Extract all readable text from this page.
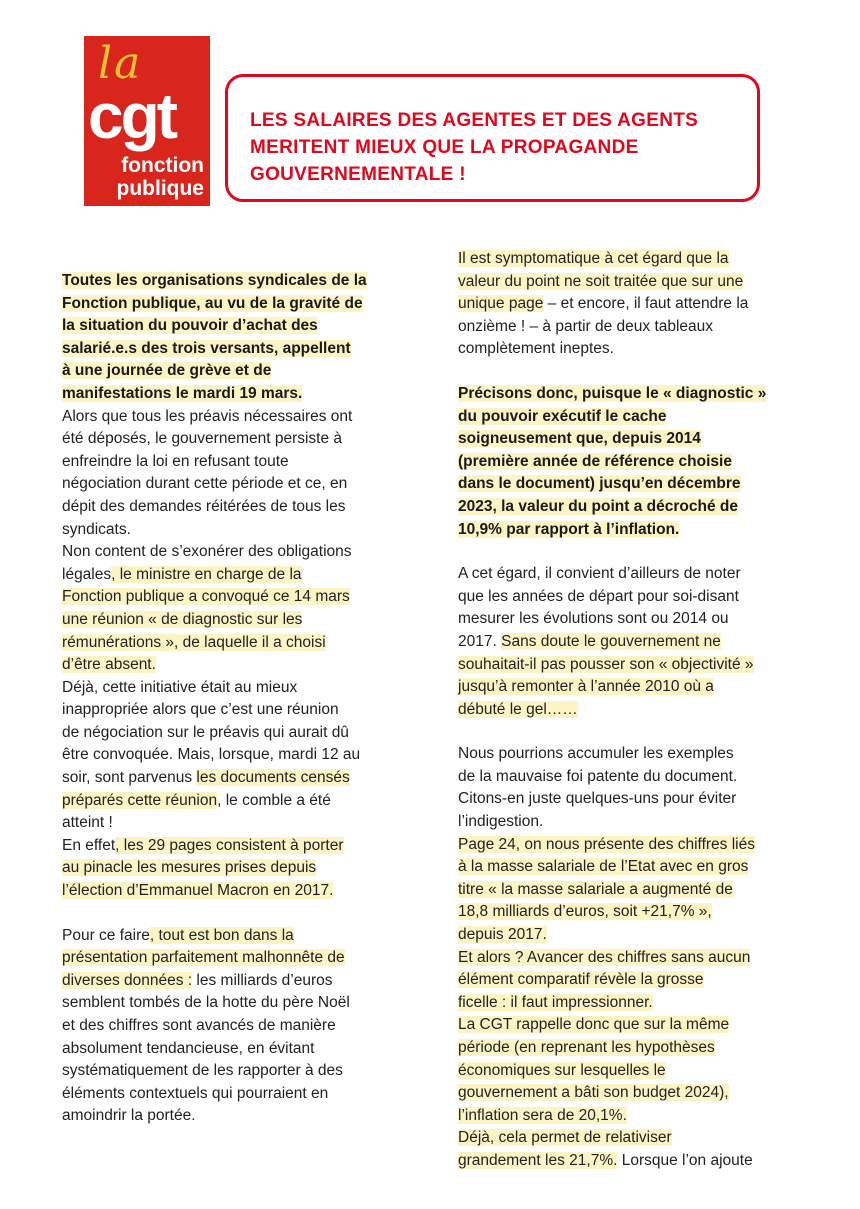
la
cgt
fonction
publique
LES SALAIRES DES AGENTES ET DES AGENTS
MERITENT MIEUX QUE LA PROPAGANDE
GOUVERNEMENTALE !
Toutes les organisations syndicales de la
Fonction publique, au vu de la gravité de
la situation du pouvoir d’achat des
salarié.e.s des trois versants, appellent
à une journée de grève et de
manifestations le mardi 19 mars.
Alors que tous les préavis nécessaires ont
été déposés, le gouvernement persiste à
enfreindre la loi en refusant toute
négociation durant cette période et ce, en
dépit des demandes réitérées de tous les
syndicats.
Non content de s’exonérer des obligations
légales, le ministre en charge de la
Fonction publique a convoqué ce 14 mars
une réunion « de diagnostic sur les
rémunérations », de laquelle il a choisi
d’être absent.
Déjà, cette initiative était au mieux
inappropriée alors que c’est une réunion
de négociation sur le préavis qui aurait dû
être convoquée. Mais, lorsque, mardi 12 au
soir, sont parvenus les documents censés
préparés cette réunion, le comble a été
atteint !
En effet, les 29 pages consistent à porter
au pinacle les mesures prises depuis
l’élection d’Emmanuel Macron en 2017.
Pour ce faire, tout est bon dans la
présentation parfaitement malhonnête de
diverses données : les milliards d’euros
semblent tombés de la hotte du père Noël
et des chiffres sont avancés de manière
absolument tendancieuse, en évitant
systématiquement de les rapporter à des
éléments contextuels qui pourraient en
amoindrir la portée.
Il est symptomatique à cet égard que la
valeur du point ne soit traitée que sur une
unique page – et encore, il faut attendre la
onzième ! – à partir de deux tableaux
complètement ineptes.
Précisons donc, puisque le « diagnostic »
du pouvoir exécutif le cache
soigneusement que, depuis 2014
(première année de référence choisie
dans le document) jusqu’en décembre
2023, la valeur du point a décroché de
10,9% par rapport à l’inflation.
A cet égard, il convient d’ailleurs de noter
que les années de départ pour soi-disant
mesurer les évolutions sont ou 2014 ou
2017. Sans doute le gouvernement ne
souhaitait-il pas pousser son « objectivité »
jusqu’à remonter à l’année 2010 où a
débuté le gel……
Nous pourrions accumuler les exemples
de la mauvaise foi patente du document.
Citons-en juste quelques-uns pour éviter
l’indigestion.
Page 24, on nous présente des chiffres liés
à la masse salariale de l’Etat avec en gros
titre « la masse salariale a augmenté de
18,8 milliards d’euros, soit +21,7% »,
depuis 2017.
Et alors ? Avancer des chiffres sans aucun
élément comparatif révèle la grosse
ficelle : il faut impressionner.
La CGT rappelle donc que sur la même
période (en reprenant les hypothèses
économiques sur lesquelles le
gouvernement a bâti son budget 2024),
l’inflation sera de 20,1%.
Déjà, cela permet de relativiser
grandement les 21,7%. Lorsque l’on ajoute
